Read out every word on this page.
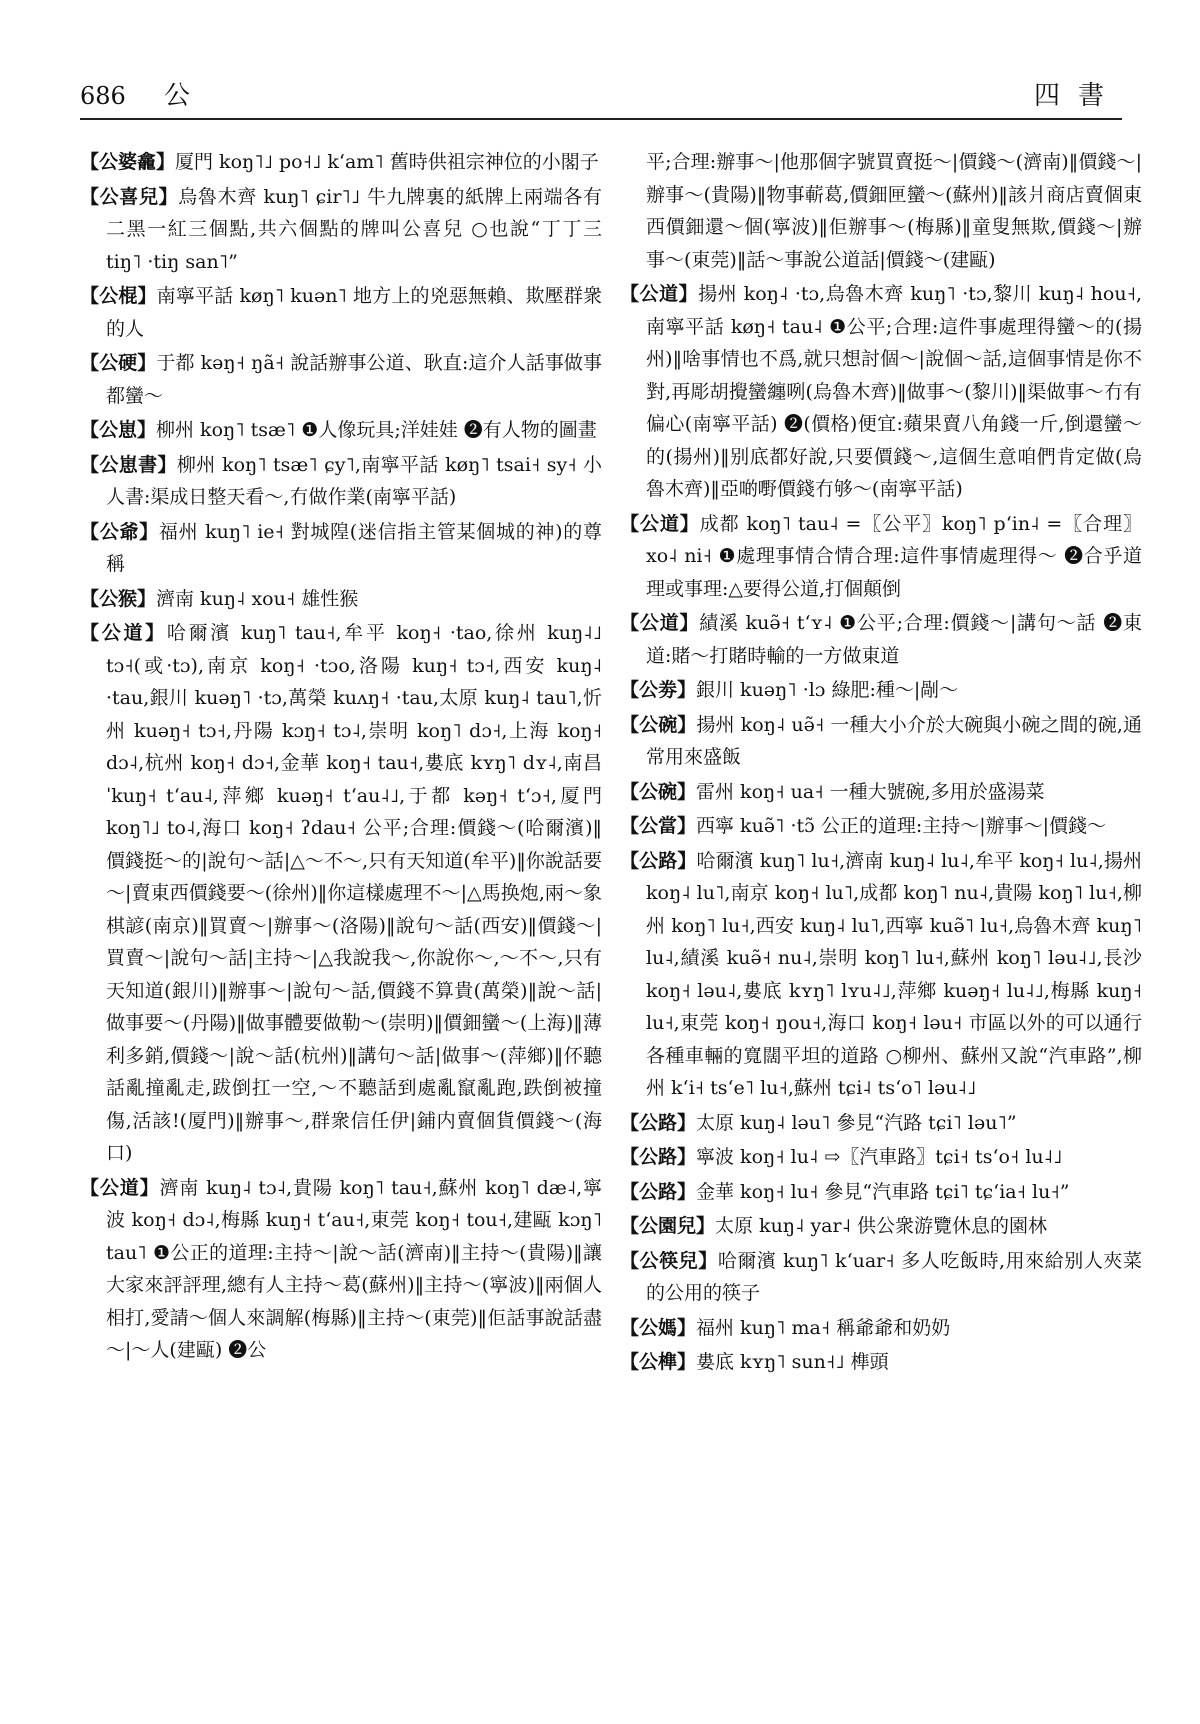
686 公	四書
【公婆龕】厦門 koŋ˥˩ po˧˩ kʻam˥ 舊時供祖宗神位的小閣子
【公喜兒】烏魯木齊 kuŋ˥ ɕir˥˩ 牛九牌裏的紙牌上兩端各有二黑一紅三個點,共六個點的牌叫公喜兒 ○也說“丁丁三 tiŋ˥ ·tiŋ san˥”
【公棍】南寧平話 køŋ˥ kuən˥ 地方上的兇惡無賴、欺壓群衆的人
【公硬】于都 kəŋ˧ ŋã˧ 說話辦事公道、耿直:這介人話事做事都蠻～
【公崽】柳州 koŋ˥ tsæ˥ ❶人像玩具;洋娃娃 ❷有人物的圖畫
【公崽書】柳州 koŋ˥ tsæ˥ ɕy˥,南寧平話 køŋ˥ tsai˧ sy˧ 小人書:渠成日整天看～,冇做作業(南寧平話)
【公爺】福州 kuŋ˥ ie˧ 對城隍(迷信指主管某個城的神)的尊稱
【公猴】濟南 kuŋ˨ xou˧ 雄性猴
【公道】哈爾濱 kuŋ˥ tau˧,牟平 koŋ˧ ·tao,徐州 kuŋ˨˩ tɔ˧(或·tɔ),南京 koŋ˧ ·tɔo,洛陽 kuŋ˧ tɔ˧,西安 kuŋ˨ ·tau,銀川 kuəŋ˥ ·tɔ,萬榮 kuʌŋ˧ ·tau,太原 kuŋ˨ tau˥,忻州 kuəŋ˧ tɔ˧,丹陽 kɔŋ˧ tɔ˨,崇明 koŋ˥ dɔ˧,上海 koŋ˧ dɔ˨,杭州 koŋ˧ dɔ˧,金華 koŋ˧ tau˧,婁底 kʏŋ˥ dʏ˨,南昌 ˈkuŋ˧ tʻau˨,萍鄉 kuəŋ˧ tʻau˨˩,于都 kəŋ˧ tʻɔ˧,厦門 koŋ˥˩ to˨,海口 koŋ˧ ʔdau˧ 公平;合理:價錢～(哈爾濱)‖價錢挺～的|說句～話|△～不～,只有天知道(牟平)‖你說話要～|賣東西價錢要～(徐州)‖你這樣處理不～|△馬换炮,兩～象棋諺(南京)‖買賣～|辦事～(洛陽)‖說句～話(西安)‖價錢～|買賣～|說句～話|主持～|△我說我～,你說你～,～不～,只有天知道(銀川)‖辦事～|說句～話,價錢不算貴(萬榮)‖說～話|做事要～(丹陽)‖做事體要做勒～(崇明)‖價鈿蠻～(上海)‖薄利多銷,價錢～|說～話(杭州)‖講句～話|做事～(萍鄉)‖伓聽話亂撞亂走,跋倒扛一空,～不聽話到處亂竄亂跑,跌倒被撞傷,活該!(厦門)‖辦事～,群衆信任伊|鋪内賣個貨價錢～(海口)
【公道】濟南 kuŋ˨ tɔ˨,貴陽 koŋ˥ tau˧,蘇州 koŋ˥ dæ˨,寧波 koŋ˧ dɔ˨,梅縣 kuŋ˧ tʻau˧,東莞 koŋ˧ tou˧,建甌 kɔŋ˥ tau˥ ❶公正的道理:主持～|說～話(濟南)‖主持～(貴陽)‖讓大家來評評理,總有人主持～葛(蘇州)‖主持～(寧波)‖兩個人相打,愛請～個人來調解(梅縣)‖主持～(東莞)‖佢話事說話盡～|～人(建甌) ❷公
平;合理:辦事～|他那個字號買賣挺～|價錢～(濟南)‖價錢～|辦事～(貴陽)‖物事蔪葛,價鈿匣蠻～(蘇州)‖該爿商店賣個東西價鈿還～個(寧波)‖佢辦事～(梅縣)‖童叟無欺,價錢～|辦事～(東莞)‖話～事說公道話|價錢～(建甌)
【公道】揚州 koŋ˨ ·tɔ,烏魯木齊 kuŋ˥ ·tɔ,黎川 kuŋ˨ hou˧,南寧平話 køŋ˧ tau˨ ❶公平;合理:這件事處理得蠻～的(揚州)‖啥事情也不爲,就只想討個～|說個～話,這個事情是你不對,再彫胡攪蠻纏咧(烏魯木齊)‖做事～(黎川)‖渠做事～冇有偏心(南寧平話) ❷(價格)便宜:蘋果賣八角錢一斤,倒還蠻～的(揚州)‖别底都好說,只要價錢～,這個生意咱們肯定做(烏魯木齊)‖亞啲嘢價錢冇够～(南寧平話)
【公道】成都 koŋ˥ tau˨ =〖公平〗koŋ˥ pʻin˨ =〖合理〗xo˨ ni˧ ❶處理事情合情合理:這件事情處理得～ ❷合乎道理或事理:△要得公道,打個顛倒
【公道】績溪 kuə̃˧ tʻʏ˨ ❶公平;合理:價錢～|講句～話 ❷東道:賭～打賭時輸的一方做東道
【公劵】銀川 kuəŋ˥ ·lɔ 綠肥:種～|剮～
【公碗】揚州 koŋ˨ uə̃˧ 一種大小介於大碗與小碗之間的碗,通常用來盛飯
【公碗】雷州 koŋ˧ ua˧ 一種大號碗,多用於盛湯菜
【公當】西寧 kuə̃˥ ·tɔ̃ 公正的道理:主持～|辦事～|價錢～
【公路】哈爾濱 kuŋ˥ lu˧,濟南 kuŋ˨ lu˨,牟平 koŋ˧ lu˨,揚州 koŋ˨ lu˥,南京 koŋ˧ lu˥,成都 koŋ˥ nu˨,貴陽 koŋ˥ lu˧,柳州 koŋ˥ lu˧,西安 kuŋ˨ lu˥,西寧 kuə̃˥ lu˧,烏魯木齊 kuŋ˥ lu˨,績溪 kuə̃˧ nu˨,崇明 koŋ˥ lu˧,蘇州 koŋ˥ ləu˨˩,長沙 koŋ˧ ləu˨,婁底 kʏŋ˥ lʏu˨˩,萍鄉 kuəŋ˧ lu˨˩,梅縣 kuŋ˧ lu˧,東莞 koŋ˧ ŋou˧,海口 koŋ˧ ləu˧ 市區以外的可以通行各種車輛的寬闊平坦的道路 ○柳州、蘇州又說“汽車路”,柳州 kʻi˧ tsʻe˥ lu˧,蘇州 tɕi˨ tsʻo˥ ləu˨˩
【公路】太原 kuŋ˨ ləu˥ 參見“汽路 tɕi˥ ləu˥”
【公路】寧波 koŋ˧ lu˨ ⇨〖汽車路〗tɕi˧ tsʻo˧ lu˨˩
【公路】金華 koŋ˧ lu˧ 參見“汽車路 tɕi˥ tɕʻia˧ lu˧”
【公園兒】太原 kuŋ˨ yar˨ 供公衆游覽休息的園林
【公筷兒】哈爾濱 kuŋ˥ kʻuar˧ 多人吃飯時,用來給别人夾菜的公用的筷子
【公媽】福州 kuŋ˥ ma˧ 稱爺爺和奶奶
【公榫】婁底 kʏŋ˥ sun˧˩ 榫頭
